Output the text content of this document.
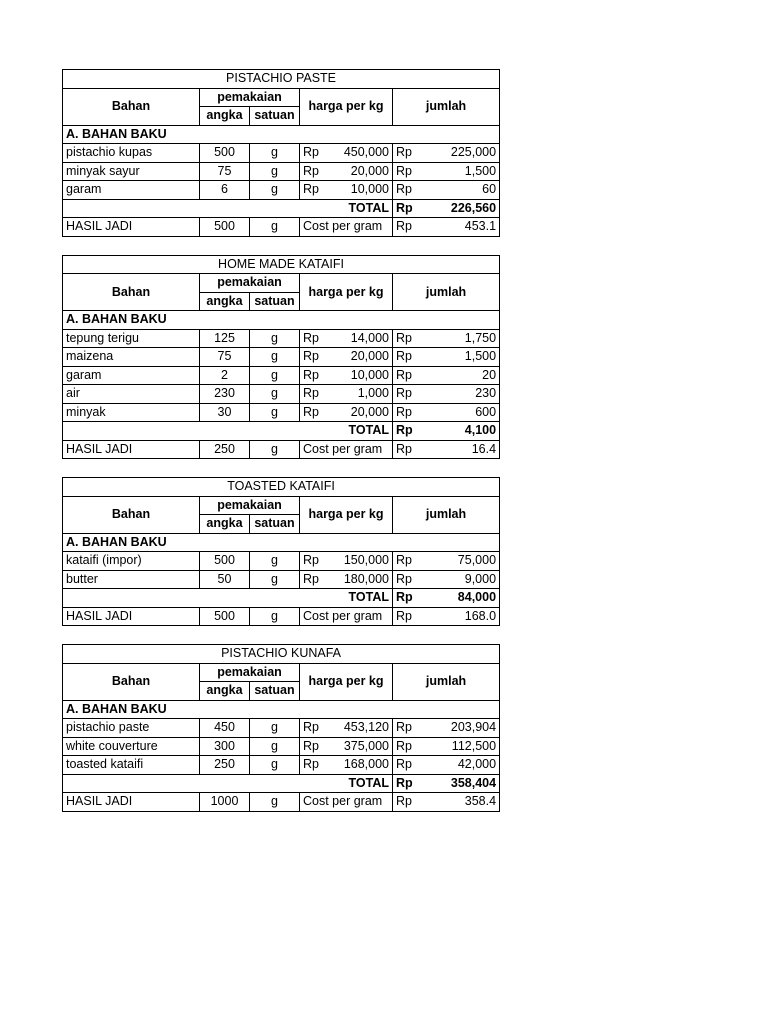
PISTACHIO PASTE						
Bahan	pemakaian		harga per kg		jumlah	
	angka	satuan				
A. BAHAN BAKU						
pistachio kupas	500	g	Rp	450,000	Rp	225,000
minyak sayur	75	g	Rp	20,000	Rp	1,500
garam	6	g	Rp	10,000	Rp	60
TOTAL					Rp	226,560
HASIL JADI	500	g	Cost per gram		Rp	453.1
HOME MADE KATAIFI						
Bahan	pemakaian		harga per kg		jumlah	
	angka	satuan				
A. BAHAN BAKU						
tepung terigu	125	g	Rp	14,000	Rp	1,750
maizena	75	g	Rp	20,000	Rp	1,500
garam	2	g	Rp	10,000	Rp	20
air	230	g	Rp	1,000	Rp	230
minyak	30	g	Rp	20,000	Rp	600
TOTAL					Rp	4,100
HASIL JADI	250	g	Cost per gram		Rp	16.4
TOASTED KATAIFI						
Bahan	pemakaian		harga per kg		jumlah	
	angka	satuan				
A. BAHAN BAKU						
kataifi (impor)	500	g	Rp	150,000	Rp	75,000
butter	50	g	Rp	180,000	Rp	9,000
TOTAL					Rp	84,000
HASIL JADI	500	g	Cost per gram		Rp	168.0
PISTACHIO KUNAFA						
Bahan	pemakaian		harga per kg		jumlah	
	angka	satuan				
A. BAHAN BAKU						
pistachio paste	450	g	Rp	453,120	Rp	203,904
white couverture	300	g	Rp	375,000	Rp	112,500
toasted kataifi	250	g	Rp	168,000	Rp	42,000
TOTAL					Rp	358,404
HASIL JADI	1000	g	Cost per gram		Rp	358.4
